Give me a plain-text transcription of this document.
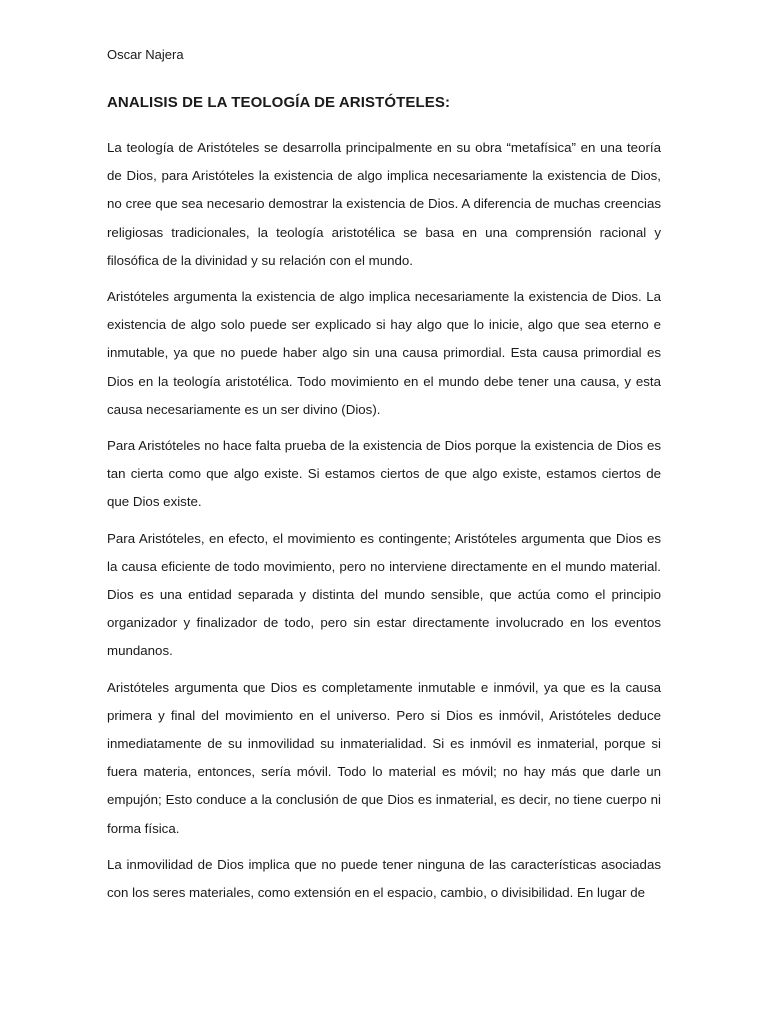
Oscar Najera
ANALISIS DE LA TEOLOGÍA DE ARISTÓTELES:

La teología de Aristóteles se desarrolla principalmente en su obra “metafísica” en una teoría de Dios, para Aristóteles la existencia de algo implica necesariamente la existencia de Dios, no cree que sea necesario demostrar la existencia de Dios. A diferencia de muchas creencias religiosas tradicionales, la teología aristotélica se basa en una comprensión racional y filosófica de la divinidad y su relación con el mundo.

Aristóteles argumenta la existencia de algo implica necesariamente la existencia de Dios. La existencia de algo solo puede ser explicado si hay algo que lo inicie, algo que sea eterno e inmutable, ya que no puede haber algo sin una causa primordial. Esta causa primordial es Dios en la teología aristotélica. Todo movimiento en el mundo debe tener una causa, y esta causa necesariamente es un ser divino (Dios).

Para Aristóteles no hace falta prueba de la existencia de Dios porque la existencia de Dios es tan cierta como que algo existe. Si estamos ciertos de que algo existe, estamos ciertos de que Dios existe.

Para Aristóteles, en efecto, el movimiento es contingente; Aristóteles argumenta que Dios es la causa eficiente de todo movimiento, pero no interviene directamente en el mundo material. Dios es una entidad separada y distinta del mundo sensible, que actúa como el principio organizador y finalizador de todo, pero sin estar directamente involucrado en los eventos mundanos.

Aristóteles argumenta que Dios es completamente inmutable e inmóvil, ya que es la causa primera y final del movimiento en el universo. Pero si Dios es inmóvil, Aristóteles deduce inmediatamente de su inmovilidad su inmaterialidad. Si es inmóvil es inmaterial, porque si fuera materia, entonces, sería móvil. Todo lo material es móvil; no hay más que darle un empujón; Esto conduce a la conclusión de que Dios es inmaterial, es decir, no tiene cuerpo ni forma física.

La inmovilidad de Dios implica que no puede tener ninguna de las características asociadas con los seres materiales, como extensión en el espacio, cambio, o divisibilidad. En lugar de
